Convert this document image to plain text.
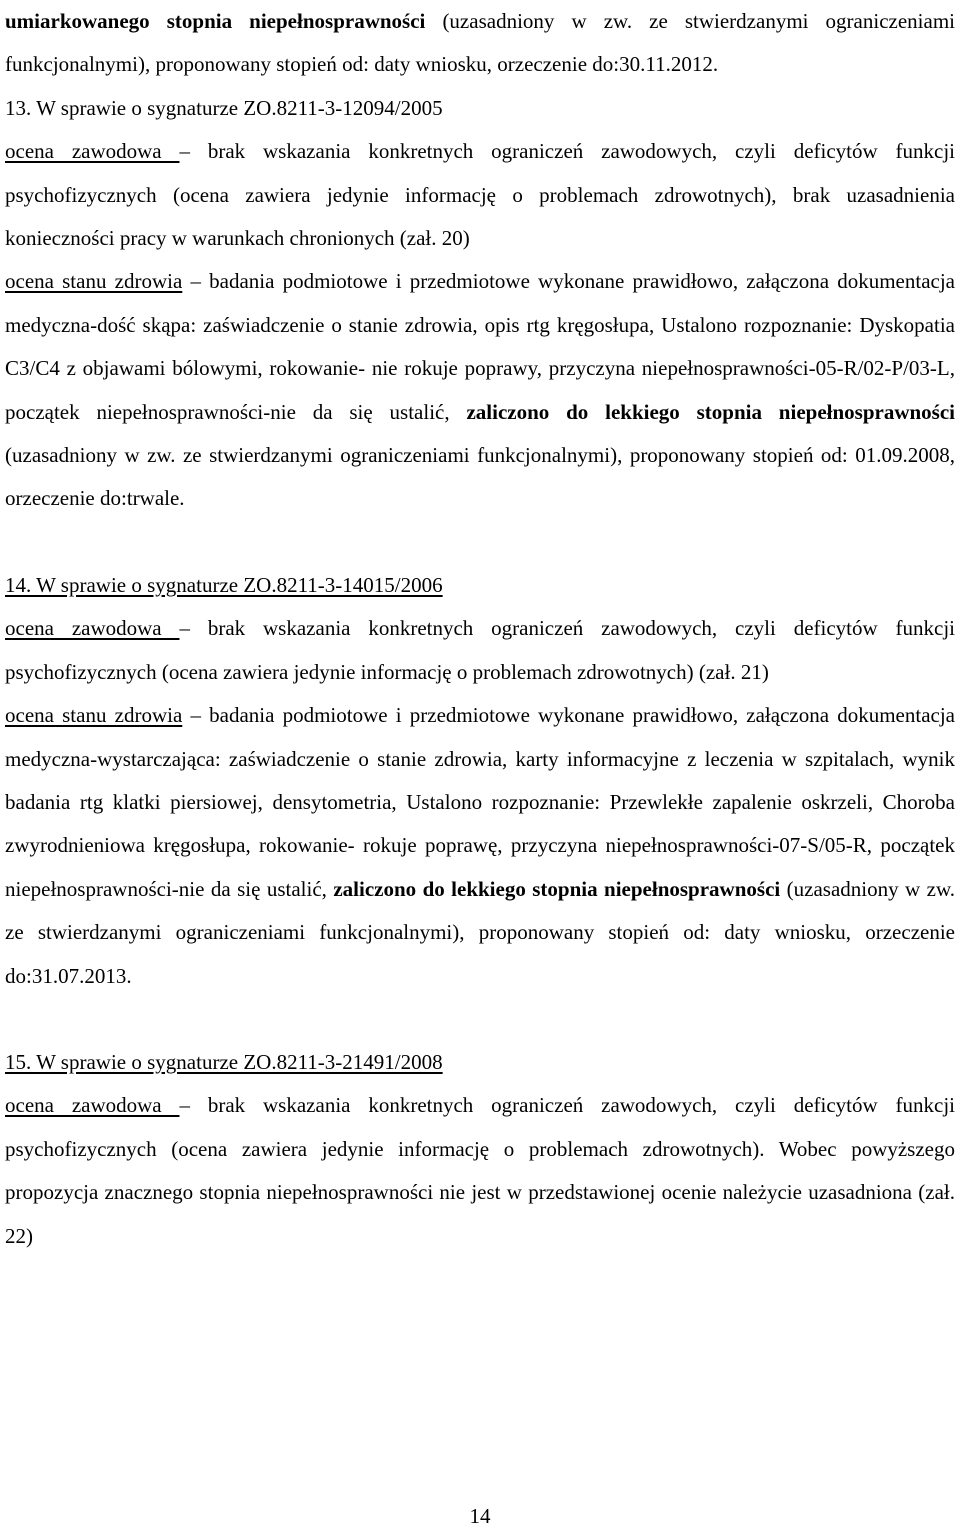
umiarkowanego stopnia niepełnosprawności (uzasadniony w zw. ze stwierdzanymi ograniczeniami funkcjonalnymi), proponowany stopień od: daty wniosku, orzeczenie do:30.11.2012.

13. W sprawie o sygnaturze ZO.8211-3-12094/2005

ocena zawodowa – brak wskazania konkretnych ograniczeń zawodowych, czyli deficytów funkcji psychofizycznych (ocena zawiera jedynie informację o problemach zdrowotnych), brak uzasadnienia konieczności pracy w warunkach chronionych (zał. 20)

ocena stanu zdrowia – badania podmiotowe i przedmiotowe wykonane prawidłowo, załączona dokumentacja medyczna-dość skąpa: zaświadczenie o stanie zdrowia, opis rtg kręgosłupa, Ustalono rozpoznanie: Dyskopatia C3/C4 z objawami bólowymi, rokowanie- nie rokuje poprawy, przyczyna niepełnosprawności-05-R/02-P/03-L, początek niepełnosprawności-nie da się ustalić, zaliczono do lekkiego stopnia niepełnosprawności (uzasadniony w zw. ze stwierdzanymi ograniczeniami funkcjonalnymi), proponowany stopień od: 01.09.2008, orzeczenie do:trwale.

14. W sprawie o sygnaturze ZO.8211-3-14015/2006

ocena zawodowa – brak wskazania konkretnych ograniczeń zawodowych, czyli deficytów funkcji psychofizycznych (ocena zawiera jedynie informację o problemach zdrowotnych) (zał. 21)

ocena stanu zdrowia – badania podmiotowe i przedmiotowe wykonane prawidłowo, załączona dokumentacja medyczna-wystarczająca: zaświadczenie o stanie zdrowia, karty informacyjne z leczenia w szpitalach, wynik badania rtg klatki piersiowej, densytometria, Ustalono rozpoznanie: Przewlekłe zapalenie oskrzeli, Choroba zwyrodnieniowa kręgosłupa, rokowanie- rokuje poprawę, przyczyna niepełnosprawności-07-S/05-R, początek niepełnosprawności-nie da się ustalić, zaliczono do lekkiego stopnia niepełnosprawności (uzasadniony w zw. ze stwierdzanymi ograniczeniami funkcjonalnymi), proponowany stopień od: daty wniosku, orzeczenie do:31.07.2013.

15. W sprawie o sygnaturze ZO.8211-3-21491/2008

ocena zawodowa – brak wskazania konkretnych ograniczeń zawodowych, czyli deficytów funkcji psychofizycznych (ocena zawiera jedynie informację o problemach zdrowotnych). Wobec powyższego propozycja znacznego stopnia niepełnosprawności nie jest w przedstawionej ocenie należycie uzasadniona (zał. 22)

14
